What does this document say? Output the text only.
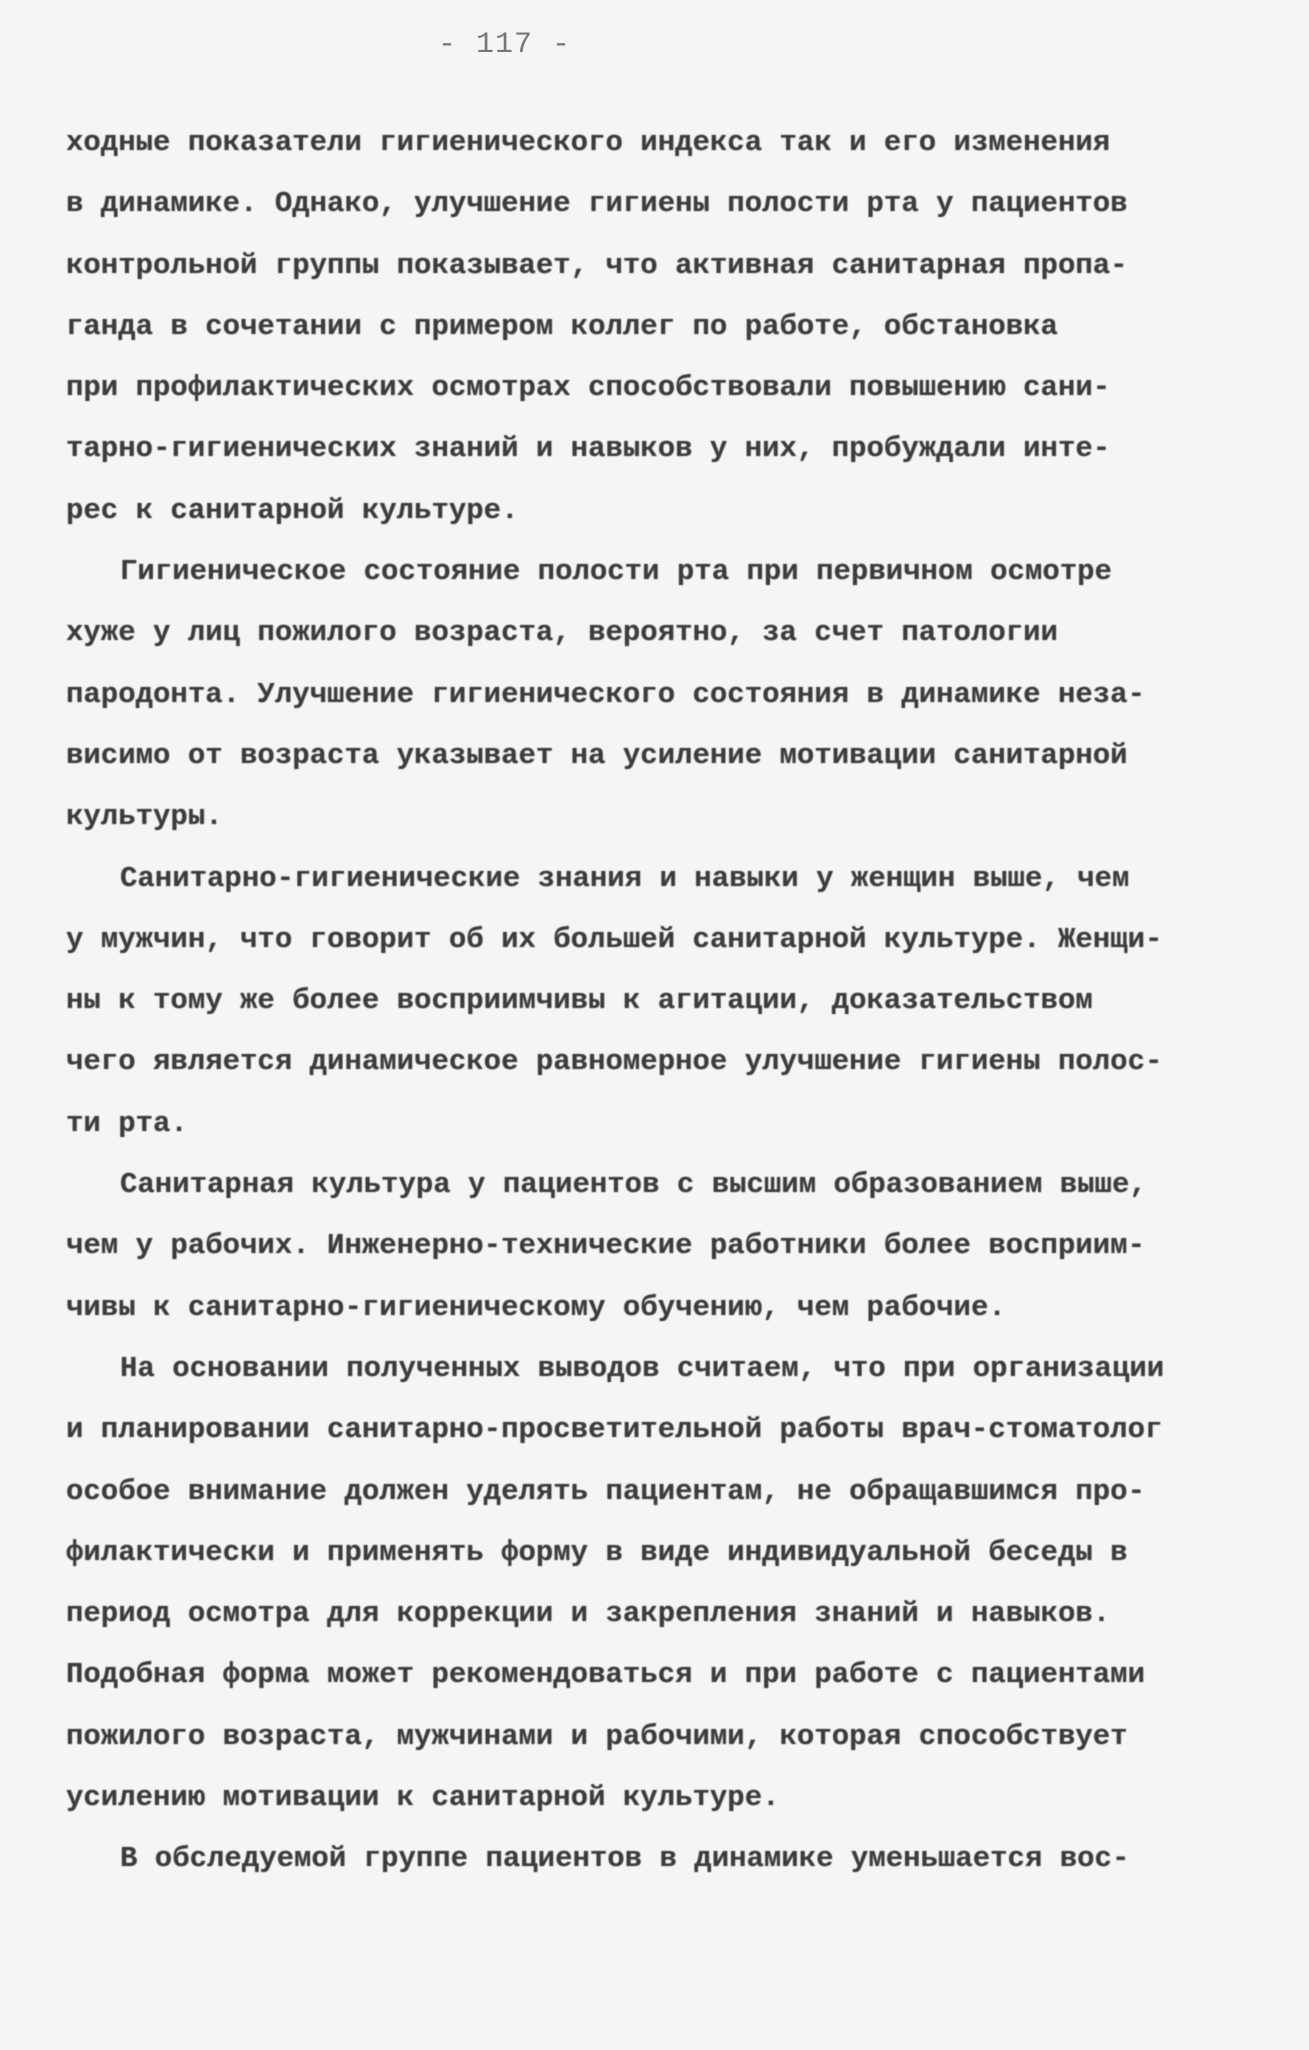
- 117 -
ходные показатели гигиенического индекса так и его изменения
в динамике. Однако, улучшение гигиены полости рта у пациентов
контрольной группы показывает, что активная санитарная пропа-
ганда в сочетании с примером коллег по работе, обстановка
при профилактических осмотрах способствовали повышению сани-
тарно-гигиенических знаний и навыков у них, пробуждали инте-
рес к санитарной культуре.
Гигиеническое состояние полости рта при первичном осмотре
хуже у лиц пожилого возраста, вероятно, за счет патологии
пародонта. Улучшение гигиенического состояния в динамике неза-
висимо от возраста указывает на усиление мотивации санитарной
культуры.
Санитарно-гигиенические знания и навыки у женщин выше, чем
у мужчин, что говорит об их большей санитарной культуре. Женщи-
ны к тому же более восприимчивы к агитации, доказательством
чего является динамическое равномерное улучшение гигиены полос-
ти рта.
Санитарная культура у пациентов с высшим образованием выше,
чем у рабочих. Инженерно-технические работники более восприим-
чивы к санитарно-гигиеническому обучению, чем рабочие.
На основании полученных выводов считаем, что при организации
и планировании санитарно-просветительной работы врач-стоматолог
особое внимание должен уделять пациентам, не обращавшимся про-
филактически и применять форму в виде индивидуальной беседы в
период осмотра для коррекции и закрепления знаний и навыков.
Подобная форма может рекомендоваться и при работе с пациентами
пожилого возраста, мужчинами и рабочими, которая способствует
усилению мотивации к санитарной культуре.
В обследуемой группе пациентов в динамике уменьшается вос-
